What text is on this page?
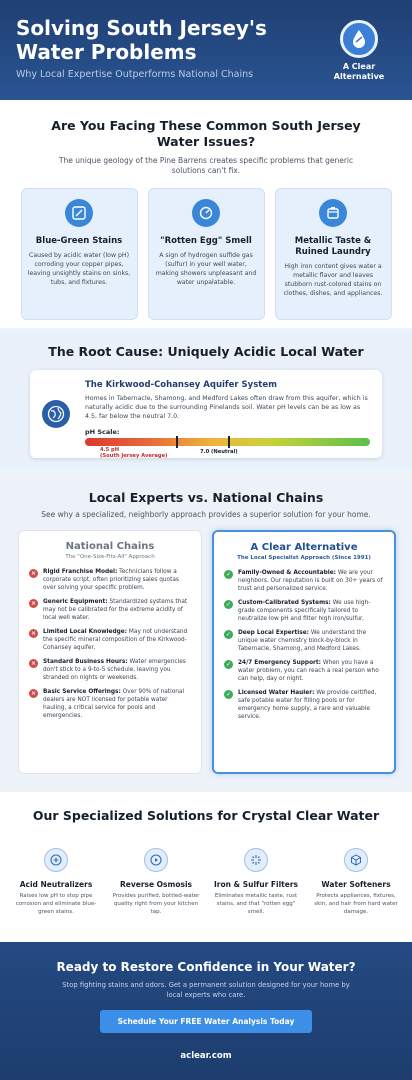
Solving South Jersey's Water Problems
Why Local Expertise Outperforms National Chains
A Clear Alternative
Are You Facing These Common South Jersey Water Issues?
The unique geology of the Pine Barrens creates specific problems that generic solutions can't fix.
Blue-Green Stains
Caused by acidic water (low pH) corroding your copper pipes, leaving unsightly stains on sinks, tubs, and fixtures.
"Rotten Egg" Smell
A sign of hydrogen sulfide gas (sulfur) in your well water, making showers unpleasant and water unpalatable.
Metallic Taste & Ruined Laundry
High iron content gives water a metallic flavor and leaves stubborn rust-colored stains on clothes, dishes, and appliances.
The Root Cause: Uniquely Acidic Local Water
The Kirkwood-Cohansey Aquifer System
Homes in Tabernacle, Shamong, and Medford Lakes often draw from this aquifer, which is naturally acidic due to the surrounding Pinelands soil. Water pH levels can be as low as 4.5, far below the neutral 7.0.
pH Scale:
4.5 pH
(South Jersey Average)
7.0 (Neutral)
Local Experts vs. National Chains
See why a specialized, neighborly approach provides a superior solution for your home.
National Chains
The "One-Size-Fits-All" Approach
×	Rigid Franchise Model: Technicians follow a corporate script, often prioritizing sales quotas over solving your specific problem.
×	Generic Equipment: Standardized systems that may not be calibrated for the extreme acidity of local well water.
×	Limited Local Knowledge: May not understand the specific mineral composition of the Kirkwood-Cohansey aquifer.
×	Standard Business Hours: Water emergencies don't stick to a 9-to-5 schedule, leaving you stranded on nights or weekends.
×	Basic Service Offerings: Over 90% of national dealers are NOT licensed for potable water hauling, a critical service for pools and emergencies.
A Clear Alternative
The Local Specialist Approach (Since 1991)
✓	Family-Owned & Accountable: We are your neighbors. Our reputation is built on 30+ years of trust and personalized service.
✓	Custom-Calibrated Systems: We use high-grade components specifically tailored to neutralize low pH and filter high iron/sulfur.
✓	Deep Local Expertise: We understand the unique water chemistry block-by-block in Tabernacle, Shamong, and Medford Lakes.
✓	24/7 Emergency Support: When you have a water problem, you can reach a real person who can help, day or night.
✓	Licensed Water Hauler: We provide certified, safe potable water for filling pools or for emergency home supply, a rare and valuable service.
Our Specialized Solutions for Crystal Clear Water
Acid Neutralizers
Raises low pH to stop pipe corrosion and eliminate blue-green stains.
Reverse Osmosis
Provides purified, bottled-water quality right from your kitchen tap.
Iron & Sulfur Filters
Eliminates metallic taste, rust stains, and that "rotten egg" smell.
Water Softeners
Protects appliances, fixtures, skin, and hair from hard water damage.
Ready to Restore Confidence in Your Water?
Stop fighting stains and odors. Get a permanent solution designed for your home by local experts who care.
Schedule Your FREE Water Analysis Today
aclear.com
